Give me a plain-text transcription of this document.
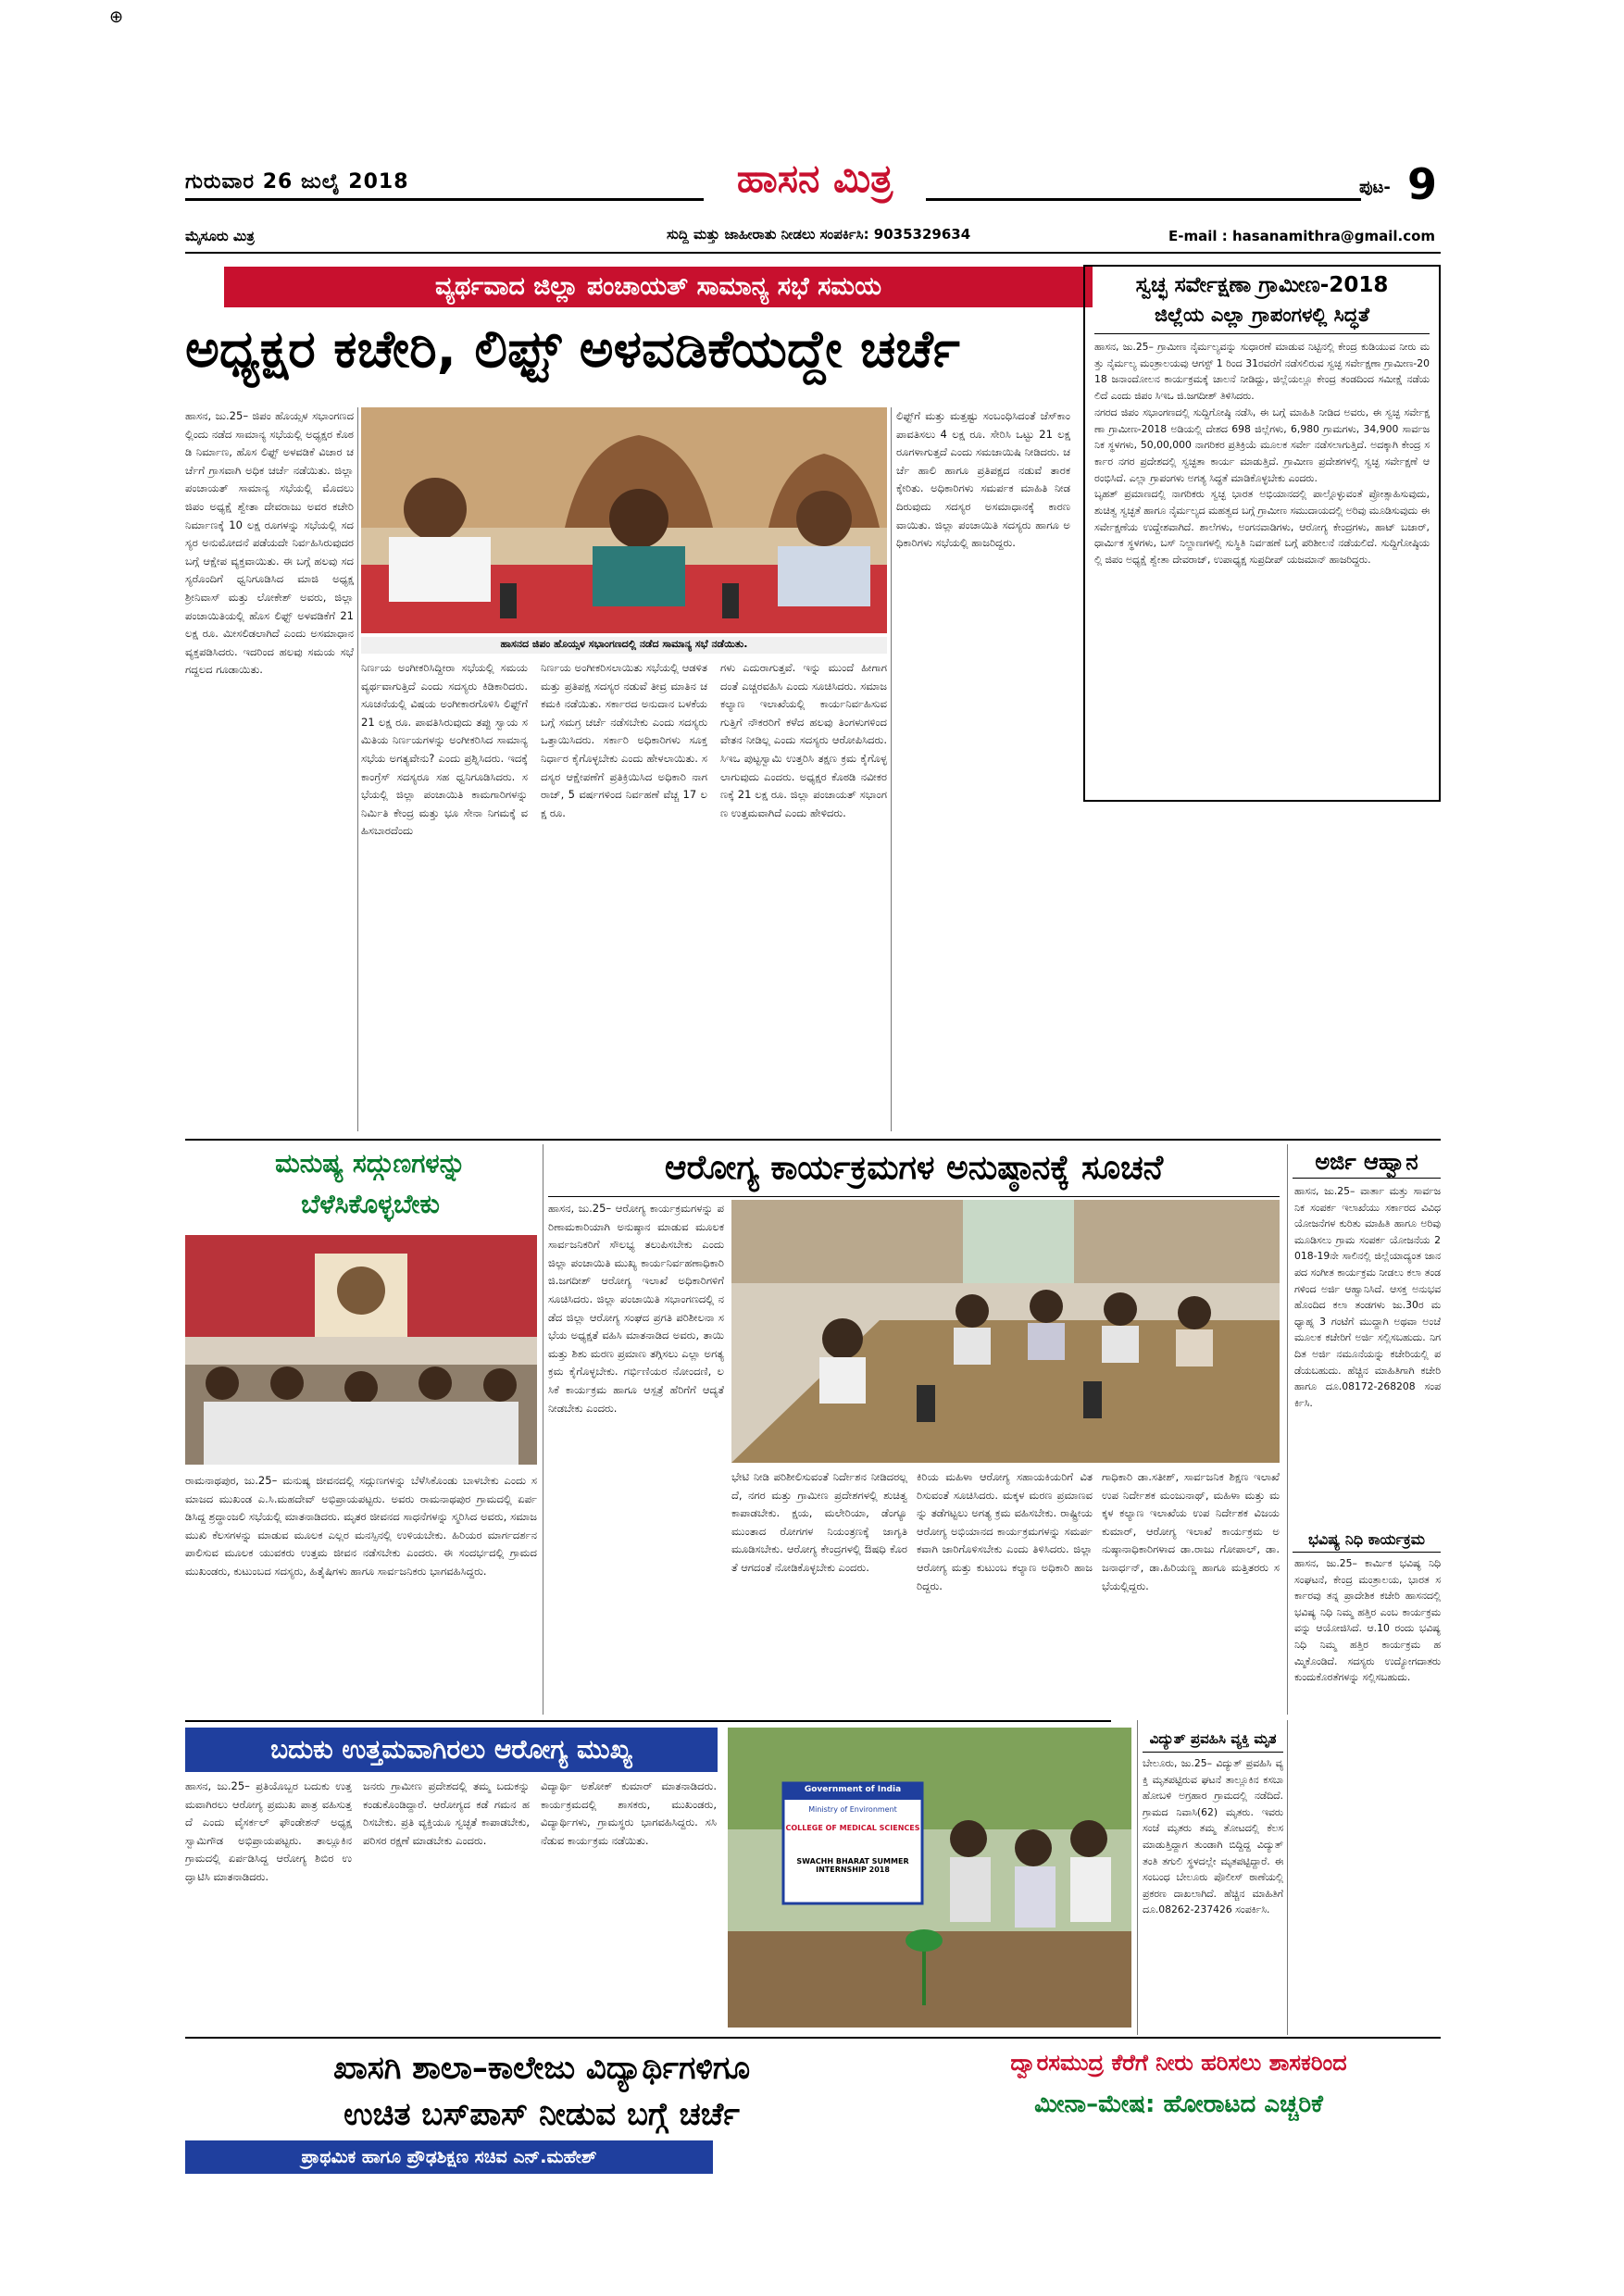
⊕
ಗುರುವಾರ 26 ಜುಲೈ 2018	ಹಾಸನ ಮಿತ್ರ	ಪುಟ- 9
ಮೈಸೂರು ಮಿತ್ರ	ಸುದ್ದಿ ಮತ್ತು ಜಾಹೀರಾತು ನೀಡಲು ಸಂಪರ್ಕಿಸಿ: 9035329634	E-mail : hasanamithra@gmail.com
ವ್ಯರ್ಥವಾದ ಜಿಲ್ಲಾ ಪಂಚಾಯತ್ ಸಾಮಾನ್ಯ ಸಭೆ ಸಮಯ
ಅಧ್ಯಕ್ಷರ ಕಚೇರಿ, ಲಿಫ್ಟ್ ಅಳವಡಿಕೆಯದ್ದೇ ಚರ್ಚೆ
ಹಾಸನ, ಜು.25– ಜಿಪಂ ಹೊಯ್ಸಳ ಸಭಾಂಗಣದಲ್ಲಿಂದು ನಡೆದ ಸಾಮಾನ್ಯ ಸಭೆಯಲ್ಲಿ ಅಧ್ಯಕ್ಷರ ಕೊಠಡಿ ನಿರ್ಮಾಣ, ಹೊಸ ಲಿಫ್ಟ್ ಅಳವಡಿಕೆ ವಿಚಾರ ಚರ್ಚೆಗೆ ಗ್ರಾಸವಾಗಿ ಅಧಿಕ ಚರ್ಚೆ ನಡೆಯಿತು. ಜಿಲ್ಲಾ ಪಂಚಾಯತ್ ಸಾಮಾನ್ಯ ಸಭೆಯಲ್ಲಿ ಮೊದಲು ಜಿಪಂ ಅಧ್ಯಕ್ಷೆ ಶ್ವೇತಾ ದೇವರಾಜು ಅವರ ಕಚೇರಿ ನಿರ್ಮಾಣಕ್ಕೆ 10 ಲಕ್ಷ ರೂಗಳನ್ನು ಸಭೆಯಲ್ಲಿ ಸದಸ್ಯರ ಅನುಮೋದನೆ ಪಡೆಯದೇ ನಿರ್ವಹಿಸಿರುವುದರ ಬಗ್ಗೆ ಆಕ್ಷೇಪ ವ್ಯಕ್ತವಾಯಿತು. ಈ ಬಗ್ಗೆ ಹಲವು ಸದಸ್ಯರೊಂದಿಗೆ ಧ್ವನಿಗೂಡಿಸಿದ ಮಾಜಿ ಅಧ್ಯಕ್ಷ ಶ್ರೀನಿವಾಸ್ ಮತ್ತು ಲೋಕೇಶ್ ಅವರು, ಜಿಲ್ಲಾ ಪಂಚಾಯಿತಿಯಲ್ಲಿ ಹೊಸ ಲಿಫ್ಟ್ ಅಳವಡಿಕೆಗೆ 21 ಲಕ್ಷ ರೂ. ಮೀಸಲಿಡಲಾಗಿದೆ ಎಂದು ಅಸಮಾಧಾನ ವ್ಯಕ್ತಪಡಿಸಿದರು. ಇದರಿಂದ ಹಲವು ಸಮಯ ಸಭೆ ಗದ್ದಲದ ಗೂಡಾಯಿತು.
ಹಾಸನದ ಜಿಪಂ ಹೊಯ್ಸಳ ಸಭಾಂಗಣದಲ್ಲಿ ನಡೆದ ಸಾಮಾನ್ಯ ಸಭೆ ನಡೆಯಿತು.
ನಿರ್ಣಯ ಅಂಗೀಕರಿಸಿದ್ದೀರಾ ಸಭೆಯಲ್ಲಿ ಸಮಯ ವ್ಯರ್ಥವಾಗುತ್ತಿದೆ ಎಂದು ಸದಸ್ಯರು ಕಿಡಿಕಾರಿದರು. ಸೂಚನೆಯಲ್ಲಿ ವಿಷಯ ಅಂಗೀಕಾರಗೊಳಿಸಿ ಲಿಫ್ಟ್‌ಗೆ 21 ಲಕ್ಷ ರೂ. ಪಾವತಿಸಿರುವುದು ತಪ್ಪು ಸ್ವಾಯ ಸಮಿತಿಯ ನಿರ್ಣಯಗಳನ್ನು ಅಂಗೀಕರಿಸಿದ ಸಾಮಾನ್ಯ ಸಭೆಯ ಅಗತ್ಯವೇನು? ಎಂದು ಪ್ರಶ್ನಿಸಿದರು. ಇದಕ್ಕೆ ಕಾಂಗ್ರೆಸ್ ಸದಸ್ಯರೂ ಸಹ ಧ್ವನಿಗೂಡಿಸಿದರು. ಸಭೆಯಲ್ಲಿ ಜಿಲ್ಲಾ ಪಂಚಾಯಿತಿ ಕಾಮಗಾರಿಗಳನ್ನು ನಿರ್ಮಿತಿ ಕೇಂದ್ರ ಮತ್ತು ಭೂ ಸೇನಾ ನಿಗಮಕ್ಕೆ ವಹಿಸಬಾರದೆಂದು
ನಿರ್ಣಯ ಅಂಗೀಕರಿಸಲಾಯಿತು ಸಭೆಯಲ್ಲಿ ಆಡಳಿತ ಮತ್ತು ಪ್ರತಿಪಕ್ಷ ಸದಸ್ಯರ ನಡುವೆ ತೀವ್ರ ಮಾತಿನ ಚಕಮಕಿ ನಡೆಯಿತು. ಸರ್ಕಾರದ ಅನುದಾನ ಬಳಕೆಯ ಬಗ್ಗೆ ಸಮಗ್ರ ಚರ್ಚೆ ನಡೆಸಬೇಕು ಎಂದು ಸದಸ್ಯರು ಒತ್ತಾಯಿಸಿದರು. ಸರ್ಕಾರಿ ಅಧಿಕಾರಿಗಳು ಸೂಕ್ತ ನಿರ್ಧಾರ ಕೈಗೊಳ್ಳಬೇಕು ಎಂದು ಹೇಳಲಾಯಿತು. ಸದಸ್ಯರ ಆಕ್ಷೇಪಣೆಗೆ ಪ್ರತಿಕ್ರಿಯಿಸಿದ ಅಧಿಕಾರಿ ನಾಗರಾಜ್, 5 ವರ್ಷಗಳಿಂದ ನಿರ್ವಹಣೆ ವೆಚ್ಚ 17 ಲಕ್ಷ ರೂ.
ಗಳು ಎದುರಾಗುತ್ತವೆ. ಇನ್ನು ಮುಂದೆ ಹೀಗಾಗದಂತೆ ಎಚ್ಚರವಹಿಸಿ ಎಂದು ಸೂಚಿಸಿದರು. ಸಮಾಜ ಕಲ್ಯಾಣ ಇಲಾಖೆಯಲ್ಲಿ ಕಾರ್ಯನಿರ್ವಹಿಸುವ ಗುತ್ತಿಗೆ ನೌಕರರಿಗೆ ಕಳೆದ ಹಲವು ತಿಂಗಳುಗಳಿಂದ ವೇತನ ನೀಡಿಲ್ಲ ಎಂದು ಸದಸ್ಯರು ಆರೋಪಿಸಿದರು. ಸಿಇಒ ಪುಟ್ಟಸ್ವಾಮಿ ಉತ್ತರಿಸಿ ತಕ್ಷಣ ಕ್ರಮ ಕೈಗೊಳ್ಳಲಾಗುವುದು ಎಂದರು. ಅಧ್ಯಕ್ಷರ ಕೊಠಡಿ ನವೀಕರಣಕ್ಕೆ 21 ಲಕ್ಷ ರೂ. ಜಿಲ್ಲಾ ಪಂಚಾಯತ್ ಸಭಾಂಗಣ ಉತ್ತಮವಾಗಿದೆ ಎಂದು ಹೇಳಿದರು.
ಲಿಫ್ಟ್‌ಗೆ ಮತ್ತು ಮತ್ತಷ್ಟು ಸಂಬಂಧಿಸಿದಂತೆ ಜೆಸ್‌ಕಾಂ ಪಾವತಿಸಲು 4 ಲಕ್ಷ ರೂ. ಸೇರಿಸಿ ಒಟ್ಟು 21 ಲಕ್ಷ ರೂಗಳಾಗುತ್ತದೆ ಎಂದು ಸಮಜಾಯಿಷಿ ನೀಡಿದರು. ಚರ್ಚೆ ಹಾಲಿ ಹಾಗೂ ಪ್ರತಿಪಕ್ಷದ ನಡುವೆ ತಾರಕಕ್ಕೇರಿತು. ಅಧಿಕಾರಿಗಳು ಸಮರ್ಪಕ ಮಾಹಿತಿ ನೀಡದಿರುವುದು ಸದಸ್ಯರ ಅಸಮಾಧಾನಕ್ಕೆ ಕಾರಣವಾಯಿತು. ಜಿಲ್ಲಾ ಪಂಚಾಯಿತಿ ಸದಸ್ಯರು ಹಾಗೂ ಅಧಿಕಾರಿಗಳು ಸಭೆಯಲ್ಲಿ ಹಾಜರಿದ್ದರು.
ಸ್ವಚ್ಛ ಸರ್ವೇಕ್ಷಣಾ ಗ್ರಾಮೀಣ-2018
ಜಿಲ್ಲೆಯ ಎಲ್ಲಾ ಗ್ರಾಪಂಗಳಲ್ಲಿ ಸಿದ್ಧತೆ
ಹಾಸನ, ಜು.25– ಗ್ರಾಮೀಣ ನೈರ್ಮಲ್ಯವನ್ನು ಸುಧಾರಣೆ ಮಾಡುವ ನಿಟ್ಟಿನಲ್ಲಿ ಕೇಂದ್ರ ಕುಡಿಯುವ ನೀರು ಮತ್ತು ನೈರ್ಮಲ್ಯ ಮಂತ್ರಾಲಯವು ಆಗಸ್ಟ್ 1 ರಿಂದ 31ರವರೆಗೆ ನಡೆಸಲಿರುವ ಸ್ವಚ್ಛ ಸರ್ವೇಕ್ಷಣಾ ಗ್ರಾಮೀಣ-2018 ಜನಾಂದೋಲನ ಕಾರ್ಯಕ್ರಮಕ್ಕೆ ಚಾಲನೆ ನೀಡಿದ್ದು, ಜಿಲ್ಲೆಯಲ್ಲೂ ಕೇಂದ್ರ ತಂಡದಿಂದ ಸಮೀಕ್ಷೆ ನಡೆಯಲಿದೆ ಎಂದು ಜಿಪಂ ಸಿಇಒ ಜಿ.ಜಗದೀಶ್ ತಿಳಿಸಿದರು.
ನಗರದ ಜಿಪಂ ಸಭಾಂಗಣದಲ್ಲಿ ಸುದ್ದಿಗೋಷ್ಠಿ ನಡೆಸಿ, ಈ ಬಗ್ಗೆ ಮಾಹಿತಿ ನೀಡಿದ ಅವರು, ಈ ಸ್ವಚ್ಛ ಸರ್ವೇಕ್ಷಣಾ ಗ್ರಾಮೀಣ-2018 ಅಡಿಯಲ್ಲಿ ದೇಶದ 698 ಜಿಲ್ಲೆಗಳು, 6,980 ಗ್ರಾಮಗಳು, 34,900 ಸಾರ್ವಜನಿಕ ಸ್ಥಳಗಳು, 50,00,000 ನಾಗರಿಕರ ಪ್ರತಿಕ್ರಿಯೆ ಮೂಲಕ ಸರ್ವೇ ನಡೆಸಲಾಗುತ್ತಿದೆ. ಅದಕ್ಕಾಗಿ ಕೇಂದ್ರ ಸರ್ಕಾರ ನಗರ ಪ್ರದೇಶದಲ್ಲಿ ಸ್ವಚ್ಛತಾ ಕಾರ್ಯ ಮಾಡುತ್ತಿದೆ. ಗ್ರಾಮೀಣ ಪ್ರದೇಶಗಳಲ್ಲಿ ಸ್ವಚ್ಛ ಸರ್ವೇಕ್ಷಣೆ ಆರಂಭಿಸಿದೆ. ಎಲ್ಲಾ ಗ್ರಾಪಂಗಳು ಅಗತ್ಯ ಸಿದ್ಧತೆ ಮಾಡಿಕೊಳ್ಳಬೇಕು ಎಂದರು.
ಬೃಹತ್ ಪ್ರಮಾಣದಲ್ಲಿ ನಾಗರಿಕರು ಸ್ವಚ್ಛ ಭಾರತ ಅಭಿಯಾನದಲ್ಲಿ ಪಾಲ್ಗೊಳ್ಳುವಂತೆ ಪ್ರೋತ್ಸಾಹಿಸುವುದು, ಶುಚಿತ್ವ ಸ್ವಚ್ಛತೆ ಹಾಗೂ ನೈರ್ಮಲ್ಯದ ಮಹತ್ವದ ಬಗ್ಗೆ ಗ್ರಾಮೀಣ ಸಮುದಾಯದಲ್ಲಿ ಅರಿವು ಮೂಡಿಸುವುದು ಈ ಸರ್ವೇಕ್ಷಣೆಯ ಉದ್ದೇಶವಾಗಿದೆ. ಶಾಲೆಗಳು, ಅಂಗನವಾಡಿಗಳು, ಆರೋಗ್ಯ ಕೇಂದ್ರಗಳು, ಹಾಟ್ ಬಜಾರ್, ಧಾರ್ಮಿಕ ಸ್ಥಳಗಳು, ಬಸ್ ನಿಲ್ದಾಣಗಳಲ್ಲಿ ಸುಸ್ಥಿತಿ ನಿರ್ವಹಣೆ ಬಗ್ಗೆ ಪರಿಶೀಲನೆ ನಡೆಯಲಿದೆ. ಸುದ್ದಿಗೋಷ್ಠಿಯಲ್ಲಿ ಜಿಪಂ ಅಧ್ಯಕ್ಷೆ ಶ್ವೇತಾ ದೇವರಾಜ್, ಉಪಾಧ್ಯಕ್ಷ ಸುಪ್ರದೀಪ್ ಯಜಮಾನ್ ಹಾಜರಿದ್ದರು.
ಮನುಷ್ಯ ಸದ್ಗುಣಗಳನ್ನು
ಬೆಳೆಸಿಕೊಳ್ಳಬೇಕು
ರಾಮನಾಥಪುರ, ಜು.25– ಮನುಷ್ಯ ಜೀವನದಲ್ಲಿ ಸದ್ಗುಣಗಳನ್ನು ಬೆಳೆಸಿಕೊಂಡು ಬಾಳಬೇಕು ಎಂದು ಸಮಾಜದ ಮುಖಂಡ ಎ.ಸಿ.ಮಹದೇವ್ ಅಭಿಪ್ರಾಯಪಟ್ಟರು. ಅವರು ರಾಮನಾಥಪುರ ಗ್ರಾಮದಲ್ಲಿ ಏರ್ಪಡಿಸಿದ್ದ ಶ್ರದ್ಧಾಂಜಲಿ ಸಭೆಯಲ್ಲಿ ಮಾತನಾಡಿದರು. ಮೃತರ ಜೀವನದ ಸಾಧನೆಗಳನ್ನು ಸ್ಮರಿಸಿದ ಅವರು, ಸಮಾಜಮುಖಿ ಕೆಲಸಗಳನ್ನು ಮಾಡುವ ಮೂಲಕ ಎಲ್ಲರ ಮನಸ್ಸಿನಲ್ಲಿ ಉಳಿಯಬೇಕು. ಹಿರಿಯರ ಮಾರ್ಗದರ್ಶನ ಪಾಲಿಸುವ ಮೂಲಕ ಯುವಕರು ಉತ್ತಮ ಜೀವನ ನಡೆಸಬೇಕು ಎಂದರು. ಈ ಸಂದರ್ಭದಲ್ಲಿ ಗ್ರಾಮದ ಮುಖಂಡರು, ಕುಟುಂಬದ ಸದಸ್ಯರು, ಹಿತೈಷಿಗಳು ಹಾಗೂ ಸಾರ್ವಜನಿಕರು ಭಾಗವಹಿಸಿದ್ದರು.
ಆರೋಗ್ಯ ಕಾರ್ಯಕ್ರಮಗಳ ಅನುಷ್ಠಾನಕ್ಕೆ ಸೂಚನೆ
ಹಾಸನ, ಜು.25– ಆರೋಗ್ಯ ಕಾರ್ಯಕ್ರಮಗಳನ್ನು ಪರಿಣಾಮಕಾರಿಯಾಗಿ ಅನುಷ್ಠಾನ ಮಾಡುವ ಮೂಲಕ ಸಾರ್ವಜನಿಕರಿಗೆ ಸೌಲಭ್ಯ ತಲುಪಿಸಬೇಕು ಎಂದು ಜಿಲ್ಲಾ ಪಂಚಾಯಿತಿ ಮುಖ್ಯ ಕಾರ್ಯನಿರ್ವಹಣಾಧಿಕಾರಿ ಜಿ.ಜಗದೀಶ್ ಆರೋಗ್ಯ ಇಲಾಖೆ ಅಧಿಕಾರಿಗಳಿಗೆ ಸೂಚಿಸಿದರು. ಜಿಲ್ಲಾ ಪಂಚಾಯಿತಿ ಸಭಾಂಗಣದಲ್ಲಿ ನಡೆದ ಜಿಲ್ಲಾ ಆರೋಗ್ಯ ಸಂಘದ ಪ್ರಗತಿ ಪರಿಶೀಲನಾ ಸಭೆಯ ಅಧ್ಯಕ್ಷತೆ ವಹಿಸಿ ಮಾತನಾಡಿದ ಅವರು, ತಾಯಿ ಮತ್ತು ಶಿಶು ಮರಣ ಪ್ರಮಾಣ ತಗ್ಗಿಸಲು ಎಲ್ಲಾ ಅಗತ್ಯ ಕ್ರಮ ಕೈಗೊಳ್ಳಬೇಕು. ಗರ್ಭಿಣಿಯರ ನೋಂದಣಿ, ಲಸಿಕೆ ಕಾರ್ಯಕ್ರಮ ಹಾಗೂ ಆಸ್ಪತ್ರೆ ಹೆರಿಗೆಗೆ ಆದ್ಯತೆ ನೀಡಬೇಕು ಎಂದರು.
ಭೇಟಿ ನೀಡಿ ಪರಿಶೀಲಿಸುವಂತೆ ನಿರ್ದೇಶನ ನೀಡಿದರಲ್ಲದೆ, ನಗರ ಮತ್ತು ಗ್ರಾಮೀಣ ಪ್ರದೇಶಗಳಲ್ಲಿ ಶುಚಿತ್ವ ಕಾಪಾಡಬೇಕು. ಕ್ಷಯ, ಮಲೇರಿಯಾ, ಡೆಂಗ್ಯೂ ಮುಂತಾದ ರೋಗಗಳ ನಿಯಂತ್ರಣಕ್ಕೆ ಜಾಗೃತಿ ಮೂಡಿಸಬೇಕು. ಆರೋಗ್ಯ ಕೇಂದ್ರಗಳಲ್ಲಿ ಔಷಧಿ ಕೊರತೆ ಆಗದಂತೆ ನೋಡಿಕೊಳ್ಳಬೇಕು ಎಂದರು.
ಕಿರಿಯ ಮಹಿಳಾ ಆರೋಗ್ಯ ಸಹಾಯಕಿಯರಿಗೆ ವಿತರಿಸುವಂತೆ ಸೂಚಿಸಿದರು. ಮಕ್ಕಳ ಮರಣ ಪ್ರಮಾಣವನ್ನು ತಡೆಗಟ್ಟಲು ಅಗತ್ಯ ಕ್ರಮ ವಹಿಸಬೇಕು. ರಾಷ್ಟ್ರೀಯ ಆರೋಗ್ಯ ಅಭಿಯಾನದ ಕಾರ್ಯಕ್ರಮಗಳನ್ನು ಸಮರ್ಪಕವಾಗಿ ಜಾರಿಗೊಳಿಸಬೇಕು ಎಂದು ತಿಳಿಸಿದರು. ಜಿಲ್ಲಾ ಆರೋಗ್ಯ ಮತ್ತು ಕುಟುಂಬ ಕಲ್ಯಾಣ ಅಧಿಕಾರಿ ಹಾಜರಿದ್ದರು.
ಗಾಧಿಕಾರಿ ಡಾ.ಸತೀಶ್, ಸಾರ್ವಜನಿಕ ಶಿಕ್ಷಣ ಇಲಾಖೆ ಉಪ ನಿರ್ದೇಶಕ ಮಂಜುನಾಥ್, ಮಹಿಳಾ ಮತ್ತು ಮಕ್ಕಳ ಕಲ್ಯಾಣ ಇಲಾಖೆಯ ಉಪ ನಿರ್ದೇಶಕ ವಿಜಯ ಕುಮಾರ್, ಆರೋಗ್ಯ ಇಲಾಖೆ ಕಾರ್ಯಕ್ರಮ ಅನುಷ್ಠಾನಾಧಿಕಾರಿಗಳಾದ ಡಾ.ರಾಜು ಗೋಪಾಲ್, ಡಾ.ಜನಾರ್ಧನ್, ಡಾ.ಹಿರಿಯಣ್ಣ ಹಾಗೂ ಮತ್ತಿತರರು ಸಭೆಯಲ್ಲಿದ್ದರು.
ಅರ್ಜಿ ಆಹ್ವಾನ
ಹಾಸನ, ಜು.25– ವಾರ್ತಾ ಮತ್ತು ಸಾರ್ವಜನಿಕ ಸಂಪರ್ಕ ಇಲಾಖೆಯು ಸರ್ಕಾರದ ವಿವಿಧ ಯೋಜನೆಗಳ ಕುರಿತು ಮಾಹಿತಿ ಹಾಗೂ ಅರಿವು ಮೂಡಿಸಲು ಗ್ರಾಮ ಸಂಪರ್ಕ ಯೋಜನೆಯ 2018-19ನೇ ಸಾಲಿನಲ್ಲಿ ಜಿಲ್ಲೆಯಾದ್ಯಂತ ಜಾನಪದ ಸಂಗೀತ ಕಾರ್ಯಕ್ರಮ ನೀಡಲು ಕಲಾ ತಂಡಗಳಿಂದ ಅರ್ಜಿ ಆಹ್ವಾನಿಸಿದೆ. ಆಸಕ್ತ ಅನುಭವ ಹೊಂದಿದ ಕಲಾ ತಂಡಗಳು ಜು.30ರ ಮಧ್ಯಾಹ್ನ 3 ಗಂಟೆಗೆ ಮುದ್ದಾಗಿ ಅಥವಾ ಅಂಚೆ ಮೂಲಕ ಕಚೇರಿಗೆ ಅರ್ಜಿ ಸಲ್ಲಿಸಬಹುದು. ನಿಗದಿತ ಅರ್ಜಿ ನಮೂನೆಯನ್ನು ಕಚೇರಿಯಲ್ಲಿ ಪಡೆಯಬಹುದು. ಹೆಚ್ಚಿನ ಮಾಹಿತಿಗಾಗಿ ಕಚೇರಿ ಹಾಗೂ ದೂ.08172-268208 ಸಂಪರ್ಕಿಸಿ.
ಭವಿಷ್ಯ ನಿಧಿ ಕಾರ್ಯಕ್ರಮ
ಹಾಸನ, ಜು.25– ಕಾರ್ಮಿಕ ಭವಿಷ್ಯ ನಿಧಿ ಸಂಘಟನೆ, ಕೇಂದ್ರ ಮಂತ್ರಾಲಯ, ಭಾರತ ಸರ್ಕಾರವು ತನ್ನ ಪ್ರಾದೇಶಿಕ ಕಚೇರಿ ಹಾಸನದಲ್ಲಿ ಭವಿಷ್ಯ ನಿಧಿ ನಿಮ್ಮ ಹತ್ತಿರ ಎಂಬ ಕಾರ್ಯಕ್ರಮವನ್ನು ಆಯೋಜಿಸಿದೆ. ಆ.10 ರಂದು ಭವಿಷ್ಯ ನಿಧಿ ನಿಮ್ಮ ಹತ್ತಿರ ಕಾರ್ಯಕ್ರಮ ಹಮ್ಮಿಕೊಂಡಿದೆ. ಸದಸ್ಯರು ಉದ್ಯೋಗದಾತರು ಕುಂದುಕೊರತೆಗಳನ್ನು ಸಲ್ಲಿಸಬಹುದು.
ಬದುಕು ಉತ್ತಮವಾಗಿರಲು ಆರೋಗ್ಯ ಮುಖ್ಯ
ಹಾಸನ, ಜು.25– ಪ್ರತಿಯೊಬ್ಬರ ಬದುಕು ಉತ್ತಮವಾಗಿರಲು ಆರೋಗ್ಯ ಪ್ರಮುಖ ಪಾತ್ರ ವಹಿಸುತ್ತದೆ ಎಂದು ವೈಸರ್ಕಲ್ ಫೌಂಡೇಶನ್ ಅಧ್ಯಕ್ಷ ಸ್ವಾಮಿಗೌಡ ಅಭಿಪ್ರಾಯಪಟ್ಟರು. ತಾಲ್ಲೂಕಿನ ಗ್ರಾಮದಲ್ಲಿ ಏರ್ಪಡಿಸಿದ್ದ ಆರೋಗ್ಯ ಶಿಬಿರ ಉದ್ಘಾಟಿಸಿ ಮಾತನಾಡಿದರು.
ಜನರು ಗ್ರಾಮೀಣ ಪ್ರದೇಶದಲ್ಲಿ ತಮ್ಮ ಬದುಕನ್ನು ಕಂಡುಕೊಂಡಿದ್ದಾರೆ. ಆರೋಗ್ಯದ ಕಡೆ ಗಮನ ಹರಿಸಬೇಕು. ಪ್ರತಿ ವ್ಯಕ್ತಿಯೂ ಸ್ವಚ್ಛತೆ ಕಾಪಾಡಬೇಕು, ಪರಿಸರ ರಕ್ಷಣೆ ಮಾಡಬೇಕು ಎಂದರು.
ವಿದ್ಯಾರ್ಥಿ ಅಶೋಕ್ ಕುಮಾರ್ ಮಾತನಾಡಿದರು. ಕಾರ್ಯಕ್ರಮದಲ್ಲಿ ಶಾಸಕರು, ಮುಖಂಡರು, ವಿದ್ಯಾರ್ಥಿಗಳು, ಗ್ರಾಮಸ್ಥರು ಭಾಗವಹಿಸಿದ್ದರು. ಸಸಿ ನೆಡುವ ಕಾರ್ಯಕ್ರಮ ನಡೆಯಿತು.
Government of India
Ministry of Environment
COLLEGE OF MEDICAL SCIENCES
SWACHH BHARAT SUMMER INTERNSHIP 2018
ವಿದ್ಯುತ್ ಪ್ರವಹಿಸಿ ವ್ಯಕ್ತಿ ಮೃತ
ಬೇಲೂರು, ಜು.25– ವಿದ್ಯುತ್ ಪ್ರವಹಿಸಿ ವ್ಯಕ್ತಿ ಮೃತಪಟ್ಟಿರುವ ಘಟನೆ ತಾಲ್ಲೂಕಿನ ಕಸಬಾ ಹೋಬಳಿ ಅಗ್ರಹಾರ ಗ್ರಾಮದಲ್ಲಿ ನಡೆದಿದೆ. ಗ್ರಾಮದ ನಿವಾಸಿ(62) ಮೃತರು. ಇವರು ಸಂಜೆ ಮೃತರು ತಮ್ಮ ತೋಟದಲ್ಲಿ ಕೆಲಸ ಮಾಡುತ್ತಿದ್ದಾಗ ತುಂಡಾಗಿ ಬಿದ್ದಿದ್ದ ವಿದ್ಯುತ್ ತಂತಿ ತಗುಲಿ ಸ್ಥಳದಲ್ಲೇ ಮೃತಪಟ್ಟಿದ್ದಾರೆ. ಈ ಸಂಬಂಧ ಬೇಲೂರು ಪೊಲೀಸ್ ಠಾಣೆಯಲ್ಲಿ ಪ್ರಕರಣ ದಾಖಲಾಗಿದೆ. ಹೆಚ್ಚಿನ ಮಾಹಿತಿಗೆ ದೂ.08262-237426 ಸಂಪರ್ಕಿಸಿ.
ಖಾಸಗಿ ಶಾಲಾ–ಕಾಲೇಜು ವಿದ್ಯಾರ್ಥಿಗಳಿಗೂ
ಉಚಿತ ಬಸ್‌ಪಾಸ್ ನೀಡುವ ಬಗ್ಗೆ ಚರ್ಚೆ
ಪ್ರಾಥಮಿಕ ಹಾಗೂ ಪ್ರೌಢಶಿಕ್ಷಣ ಸಚಿವ ಎನ್.ಮಹೇಶ್
ದ್ವಾರಸಮುದ್ರ ಕೆರೆಗೆ ನೀರು ಹರಿಸಲು ಶಾಸಕರಿಂದ
ಮೀನಾ–ಮೇಷ: ಹೋರಾಟದ ಎಚ್ಚರಿಕೆ
